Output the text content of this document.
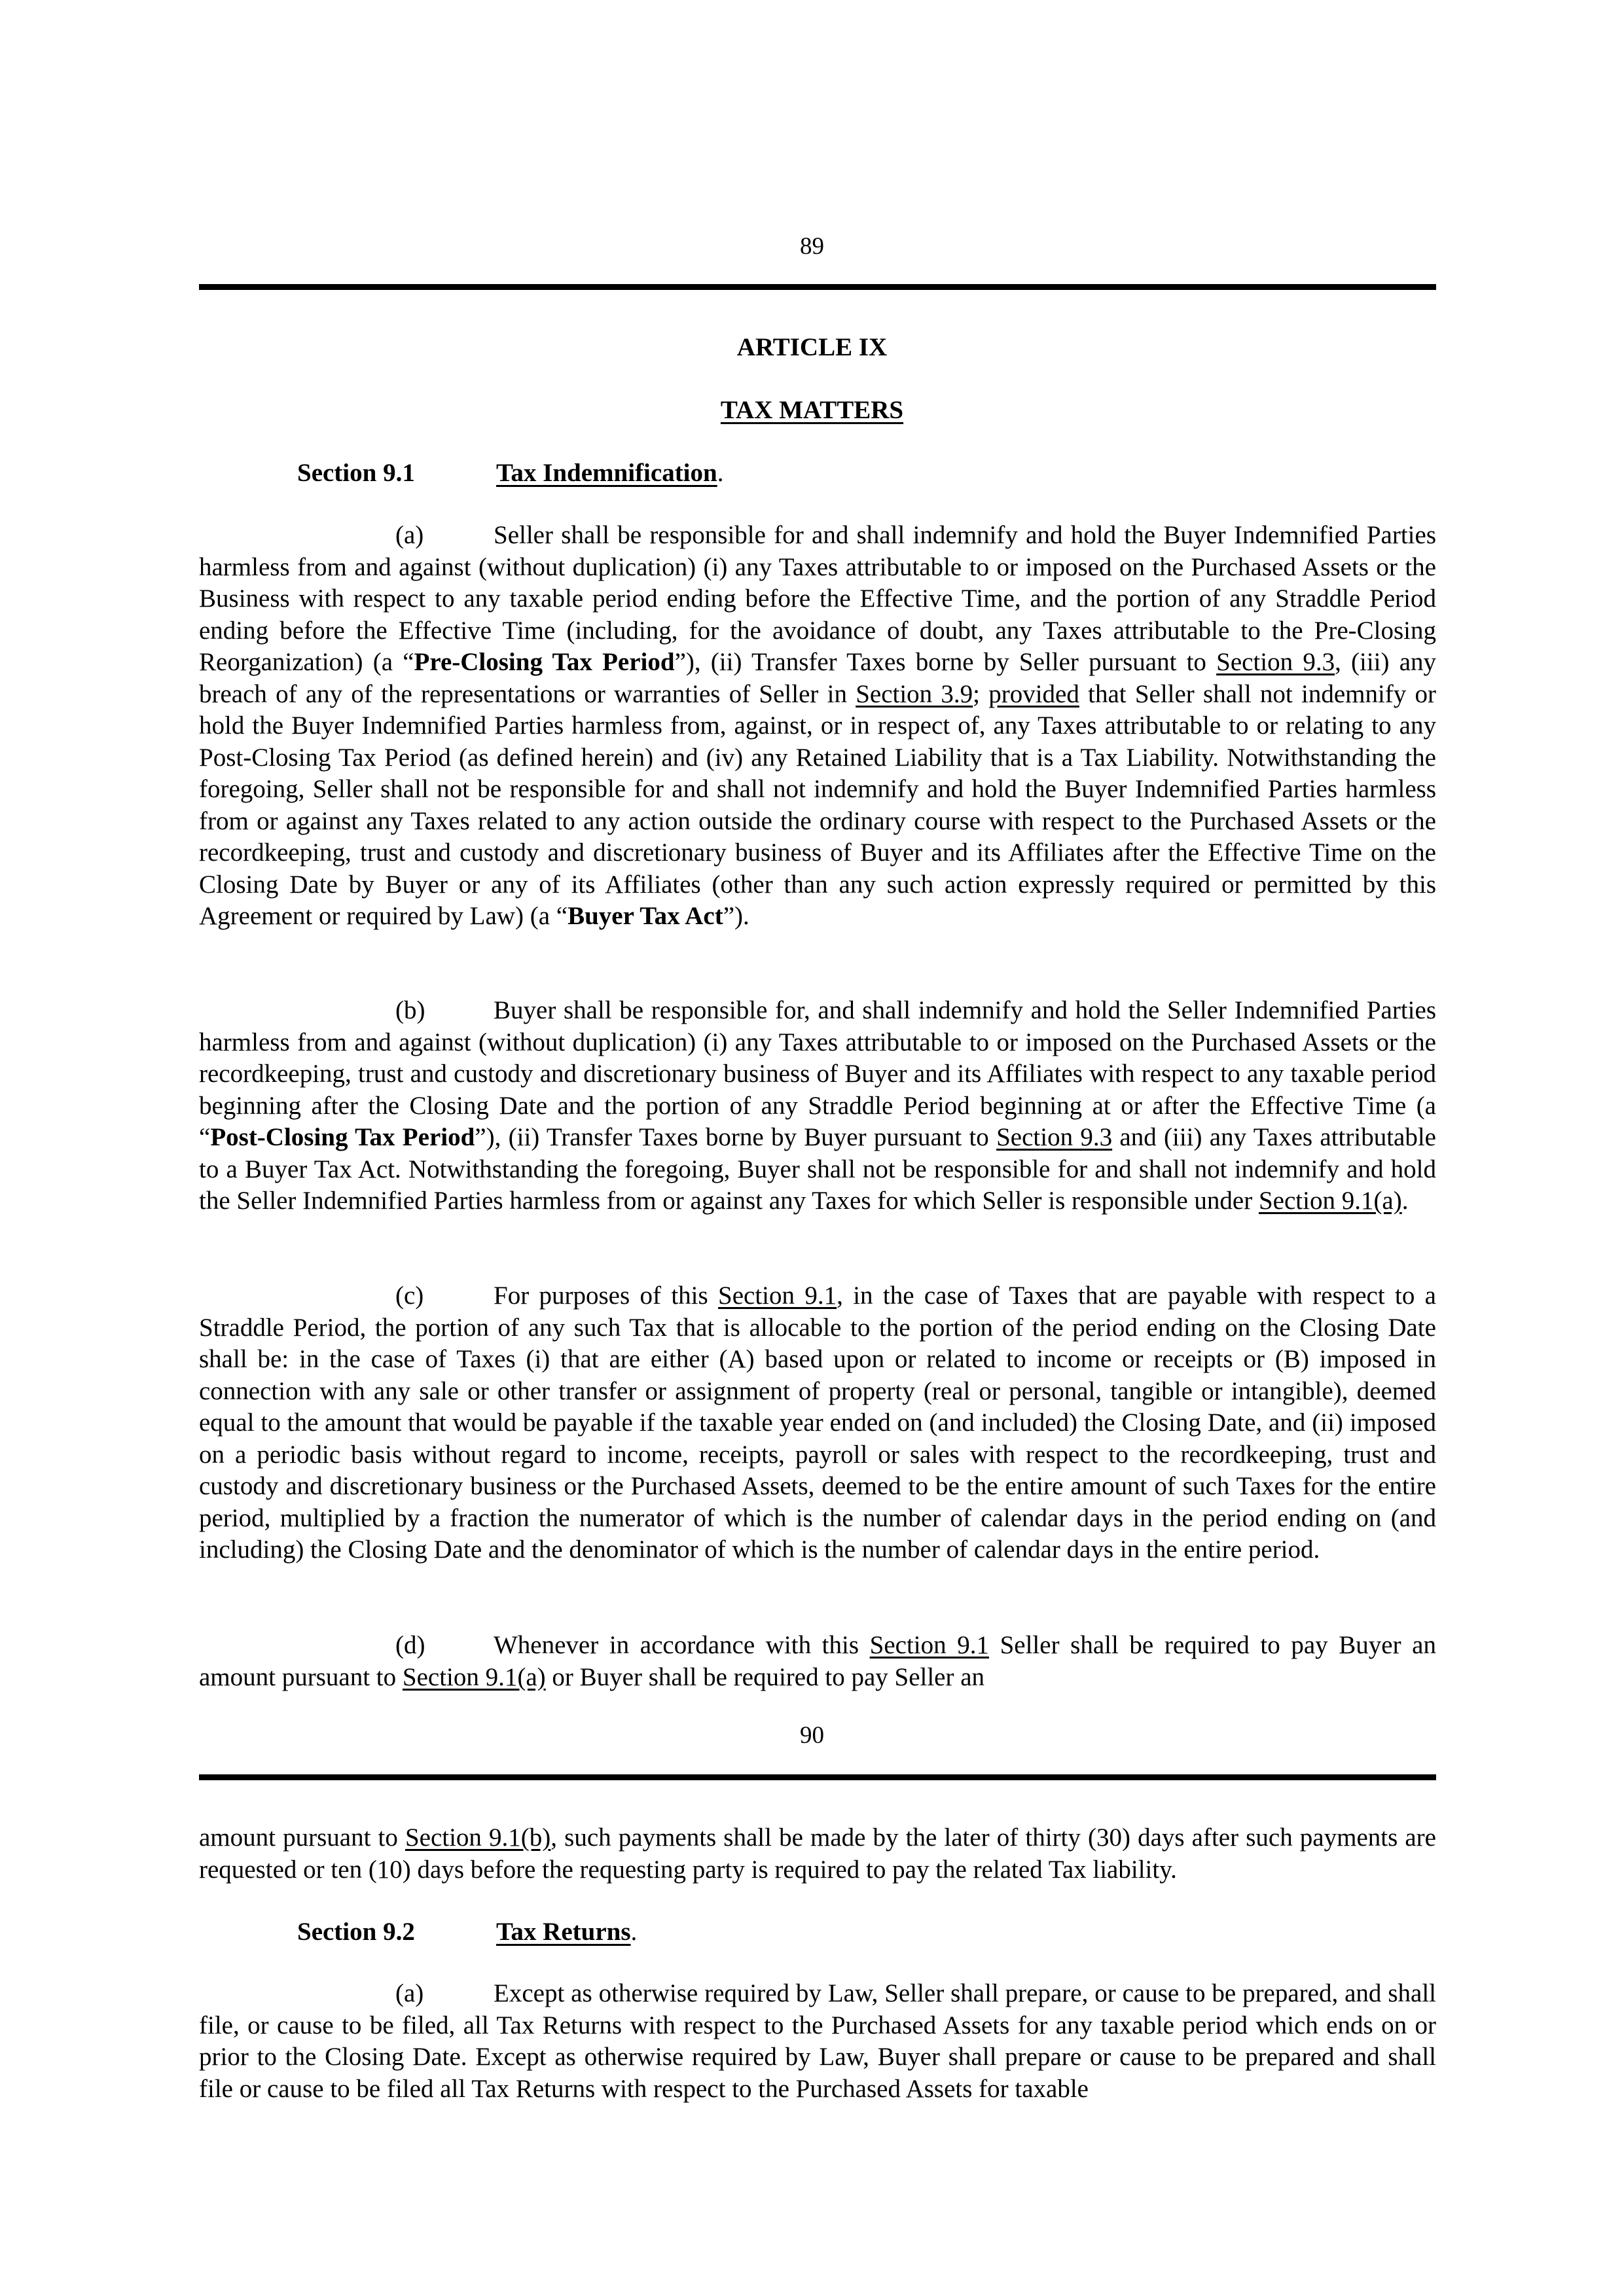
89
ARTICLE IX
TAX MATTERS
Section 9.1	Tax Indemnification.
(a)	Seller shall be responsible for and shall indemnify and hold the Buyer Indemnified Parties harmless from and against (without duplication) (i) any Taxes attributable to or imposed on the Purchased Assets or the Business with respect to any taxable period ending before the Effective Time, and the portion of any Straddle Period ending before the Effective Time (including, for the avoidance of doubt, any Taxes attributable to the Pre-Closing Reorganization) (a “Pre-Closing Tax Period”), (ii) Transfer Taxes borne by Seller pursuant to Section 9.3, (iii) any breach of any of the representations or warranties of Seller in Section 3.9; provided that Seller shall not indemnify or hold the Buyer Indemnified Parties harmless from, against, or in respect of, any Taxes attributable to or relating to any Post-Closing Tax Period (as defined herein) and (iv) any Retained Liability that is a Tax Liability. Notwithstanding the foregoing, Seller shall not be responsible for and shall not indemnify and hold the Buyer Indemnified Parties harmless from or against any Taxes related to any action outside the ordinary course with respect to the Purchased Assets or the recordkeeping, trust and custody and discretionary business of Buyer and its Affiliates after the Effective Time on the Closing Date by Buyer or any of its Affiliates (other than any such action expressly required or permitted by this Agreement or required by Law) (a “Buyer Tax Act”).
(b)	Buyer shall be responsible for, and shall indemnify and hold the Seller Indemnified Parties harmless from and against (without duplication) (i) any Taxes attributable to or imposed on the Purchased Assets or the recordkeeping, trust and custody and discretionary business of Buyer and its Affiliates with respect to any taxable period beginning after the Closing Date and the portion of any Straddle Period beginning at or after the Effective Time (a “Post-Closing Tax Period”), (ii) Transfer Taxes borne by Buyer pursuant to Section 9.3 and (iii) any Taxes attributable to a Buyer Tax Act. Notwithstanding the foregoing, Buyer shall not be responsible for and shall not indemnify and hold the Seller Indemnified Parties harmless from or against any Taxes for which Seller is responsible under Section 9.1(a).
(c)	For purposes of this Section 9.1, in the case of Taxes that are payable with respect to a Straddle Period, the portion of any such Tax that is allocable to the portion of the period ending on the Closing Date shall be: in the case of Taxes (i) that are either (A) based upon or related to income or receipts or (B) imposed in connection with any sale or other transfer or assignment of property (real or personal, tangible or intangible), deemed equal to the amount that would be payable if the taxable year ended on (and included) the Closing Date, and (ii) imposed on a periodic basis without regard to income, receipts, payroll or sales with respect to the recordkeeping, trust and custody and discretionary business or the Purchased Assets, deemed to be the entire amount of such Taxes for the entire period, multiplied by a fraction the numerator of which is the number of calendar days in the period ending on (and including) the Closing Date and the denominator of which is the number of calendar days in the entire period.
(d)	Whenever in accordance with this Section 9.1 Seller shall be required to pay Buyer an amount pursuant to Section 9.1(a) or Buyer shall be required to pay Seller an
90
amount pursuant to Section 9.1(b), such payments shall be made by the later of thirty (30) days after such payments are requested or ten (10) days before the requesting party is required to pay the related Tax liability.
Section 9.2	Tax Returns.
(a)	Except as otherwise required by Law, Seller shall prepare, or cause to be prepared, and shall file, or cause to be filed, all Tax Returns with respect to the Purchased Assets for any taxable period which ends on or prior to the Closing Date. Except as otherwise required by Law, Buyer shall prepare or cause to be prepared and shall file or cause to be filed all Tax Returns with respect to the Purchased Assets for taxable
